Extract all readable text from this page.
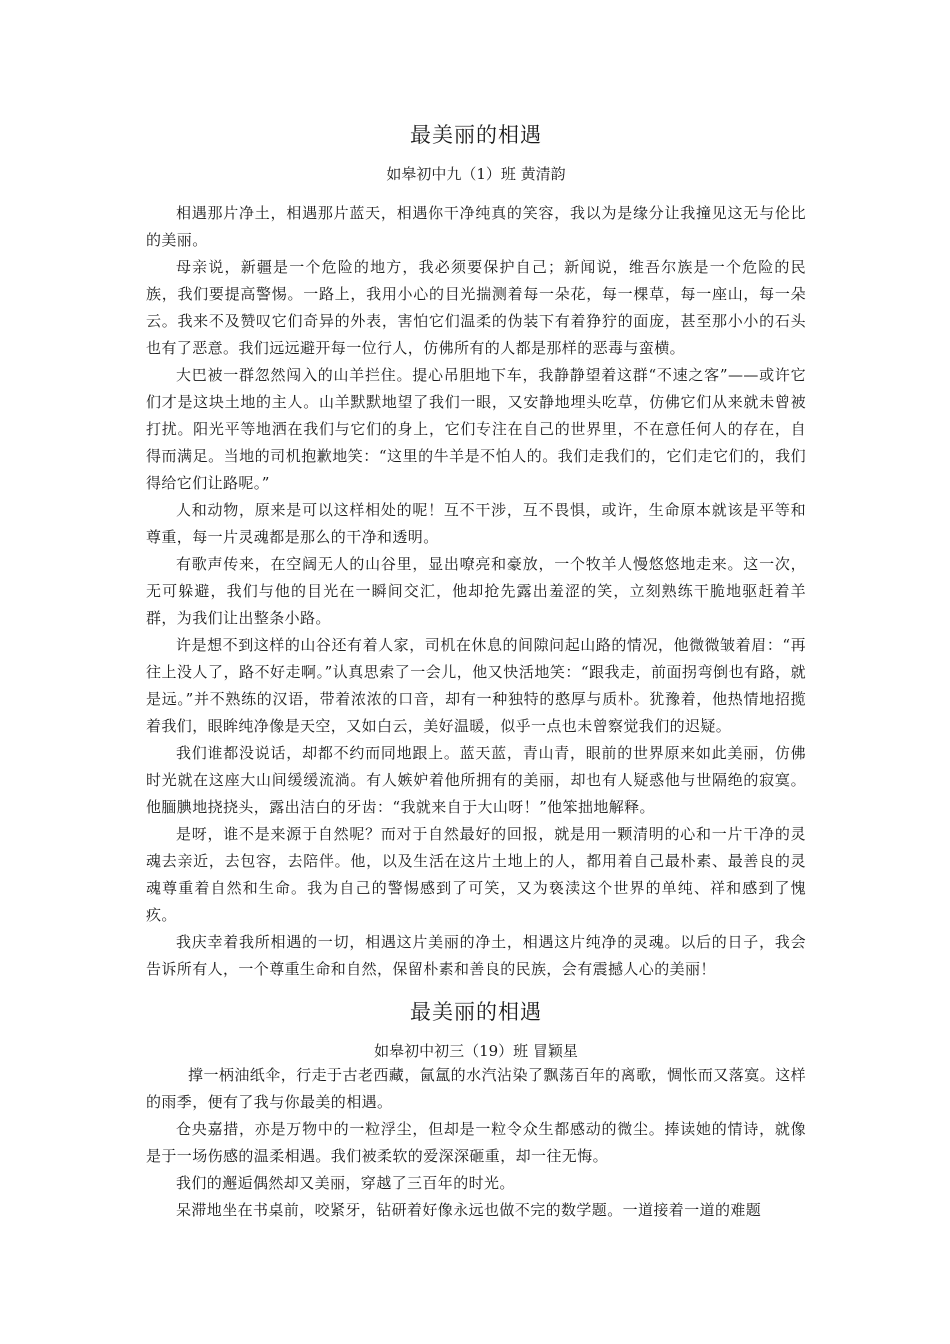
最美丽的相遇

如皋初中九（1）班 黄清韵

相遇那片净土，相遇那片蓝天，相遇你干净纯真的笑容，我以为是缘分让我撞见这无与伦比的美丽。

母亲说，新疆是一个危险的地方，我必须要保护自己；新闻说，维吾尔族是一个危险的民族，我们要提高警惕。一路上，我用小心的目光揣测着每一朵花，每一棵草，每一座山，每一朵云。我来不及赞叹它们奇异的外表，害怕它们温柔的伪装下有着狰狞的面庞，甚至那小小的石头也有了恶意。我们远远避开每一位行人，仿佛所有的人都是那样的恶毒与蛮横。

大巴被一群忽然闯入的山羊拦住。提心吊胆地下车，我静静望着这群“不速之客”——或许它们才是这块土地的主人。山羊默默地望了我们一眼，又安静地埋头吃草，仿佛它们从来就未曾被打扰。阳光平等地洒在我们与它们的身上，它们专注在自己的世界里，不在意任何人的存在，自得而满足。当地的司机抱歉地笑：“这里的牛羊是不怕人的。我们走我们的，它们走它们的，我们得给它们让路呢。”

人和动物，原来是可以这样相处的呢！互不干涉，互不畏惧，或许，生命原本就该是平等和尊重，每一片灵魂都是那么的干净和透明。

有歌声传来，在空阔无人的山谷里，显出嘹亮和豪放，一个牧羊人慢悠悠地走来。这一次，无可躲避，我们与他的目光在一瞬间交汇，他却抢先露出羞涩的笑，立刻熟练干脆地驱赶着羊群，为我们让出整条小路。

许是想不到这样的山谷还有着人家，司机在休息的间隙问起山路的情况，他微微皱着眉：“再往上没人了，路不好走啊。”认真思索了一会儿，他又快活地笑：“跟我走，前面拐弯倒也有路，就是远。”并不熟练的汉语，带着浓浓的口音，却有一种独特的憨厚与质朴。犹豫着，他热情地招揽着我们，眼眸纯净像是天空，又如白云，美好温暖，似乎一点也未曾察觉我们的迟疑。

我们谁都没说话，却都不约而同地跟上。蓝天蓝，青山青，眼前的世界原来如此美丽，仿佛时光就在这座大山间缓缓流淌。有人嫉妒着他所拥有的美丽，却也有人疑惑他与世隔绝的寂寞。他腼腆地挠挠头，露出洁白的牙齿：“我就来自于大山呀！”他笨拙地解释。

是呀，谁不是来源于自然呢？而对于自然最好的回报，就是用一颗清明的心和一片干净的灵魂去亲近，去包容，去陪伴。他，以及生活在这片土地上的人，都用着自己最朴素、最善良的灵魂尊重着自然和生命。我为自己的警惕感到了可笑，又为亵渎这个世界的单纯、祥和感到了愧疚。

我庆幸着我所相遇的一切，相遇这片美丽的净土，相遇这片纯净的灵魂。以后的日子，我会告诉所有人，一个尊重生命和自然，保留朴素和善良的民族，会有震撼人心的美丽！

最美丽的相遇

如皋初中初三（19）班 冒颖星

撑一柄油纸伞，行走于古老西藏，氤氲的水汽沾染了飘荡百年的离歌，惆怅而又落寞。这样的雨季，便有了我与你最美的相遇。

仓央嘉措，亦是万物中的一粒浮尘，但却是一粒令众生都感动的微尘。捧读她的情诗，就像是于一场伤感的温柔相遇。我们被柔软的爱深深砸重，却一往无悔。

我们的邂逅偶然却又美丽，穿越了三百年的时光。

呆滞地坐在书桌前，咬紧牙，钻研着好像永远也做不完的数学题。一道接着一道的难题
